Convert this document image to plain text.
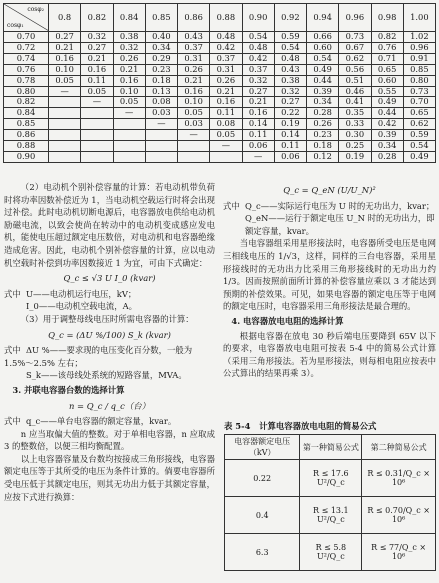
cosφ₂
cosφ₁	0.8	0.82	0.84	0.85	0.86	0.88	0.90	0.92	0.94	0.96	0.98	1.00
0.70	0.27	0.32	0.38	0.40	0.43	0.48	0.54	0.59	0.66	0.73	0.82	1.02
0.72	0.21	0.27	0.32	0.34	0.37	0.42	0.48	0.54	0.60	0.67	0.76	0.96
0.74	0.16	0.21	0.26	0.29	0.31	0.37	0.42	0.48	0.54	0.62	0.71	0.91
0.76	0.10	0.16	0.21	0.23	0.26	0.31	0.37	0.43	0.49	0.56	0.65	0.85
0.78	0.05	0.11	0.16	0.18	0.21	0.26	0.32	0.38	0.44	0.51	0.60	0.80
0.80	—	0.05	0.10	0.13	0.16	0.21	0.27	0.32	0.39	0.46	0.55	0.73
0.82		—	0.05	0.08	0.10	0.16	0.21	0.27	0.34	0.41	0.49	0.70
0.84			—	0.03	0.05	0.11	0.16	0.22	0.28	0.35	0.44	0.65
0.85				—	0.03	0.08	0.14	0.19	0.26	0.33	0.42	0.62
0.86					—	0.05	0.11	0.14	0.23	0.30	0.39	0.59
0.88						—	0.06	0.11	0.18	0.25	0.34	0.54
0.90							—	0.06	0.12	0.19	0.28	0.49

（2）电动机个别补偿容量的计算：若电动机带负荷时将功率因数补偿近为 1，当电动机空载运行时将会出现过补偿。此时电动机切断电源后，电容器放电供给电动机励磁电流，以致会使尚在转动中的电动机变成感应发电机，能使电压超过额定电压数倍，对电动机和电容器绝缘造成危害。因此，电动机个别补偿容量的计算，应以电动机空载时补偿到功率因数接近 1 为宜，可由下式确定：

Q_c ≤ √3 U I_0 (kvar)
式中 U——电动机运行电压，kV；
I_0——电动机空载电流，A。

（3）用于调整母线电压时所需电容器的计算：

Q_c = (ΔU %/100) S_k (kvar)
式中 ΔU %——要求现的电压变化百分数，一般为 1.5%～2.5% 左右；
S_k——该母线处系统的短路容量，MVA。
3. 并联电容器台数的选择计算
n = Q_c / q_c（台）
式中 q_c——单台电容器的额定容量，kvar。

n 应当取偏大值的整数。对于单相电容器，n 应取成 3 的整数倍，以便三相均衡配置。

以上电容器容量及台数均按接成三角形接线，电容器额定电压等于其所受的电压为条件计算的。倘要电容器所受电压低于其额定电压，则其无功出力低于其额定容量，应按下式进行换算：

Q_c = Q_eN (U/U_N)²
式中 Q_c——实际运行电压为 U 时的无功出力，kvar；
Q_eN——运行于额定电压 U_N 时的无功出力，即额定容量，kvar。

当电容器组采用星形接法时，电容器所受电压是电网三相线电压的 1/√3，这样，同样的三台电容器，采用星形接线时的无功出力比采用三角形接线时的无功出力约 1/3。因而按照前面所计算的补偿容量应乘以 3 才能达到预期的补偿效果。可见，如果电容器的额定电压等于电网的额定电压时，电容器采用三角形接法是最合理的。

4. 电容器放电电阻的选择计算

根据电容器在放电 30 秒后端电压要降到 65V 以下的要求，电容器放电电阻可按表 5-4 中的简易公式计算（采用三角形接法。若为星形接法，则每相电阻应按表中公式算出的结果再乘 3）。

表 5-4 计算电容器放电电阻的简易公式
电容器额定电压（kV）	第一种简易公式	第二种简易公式
0.22	R ≤ 17.6 U²/Q_c	R ≤ 0.31/Q_c × 10⁶
0.4	R ≤ 13.1 U²/Q_c	R ≤ 0.70/Q_c × 10⁶
6.3	R ≤ 5.8 U²/Q_c	R ≤ 77/Q_c × 10⁶
